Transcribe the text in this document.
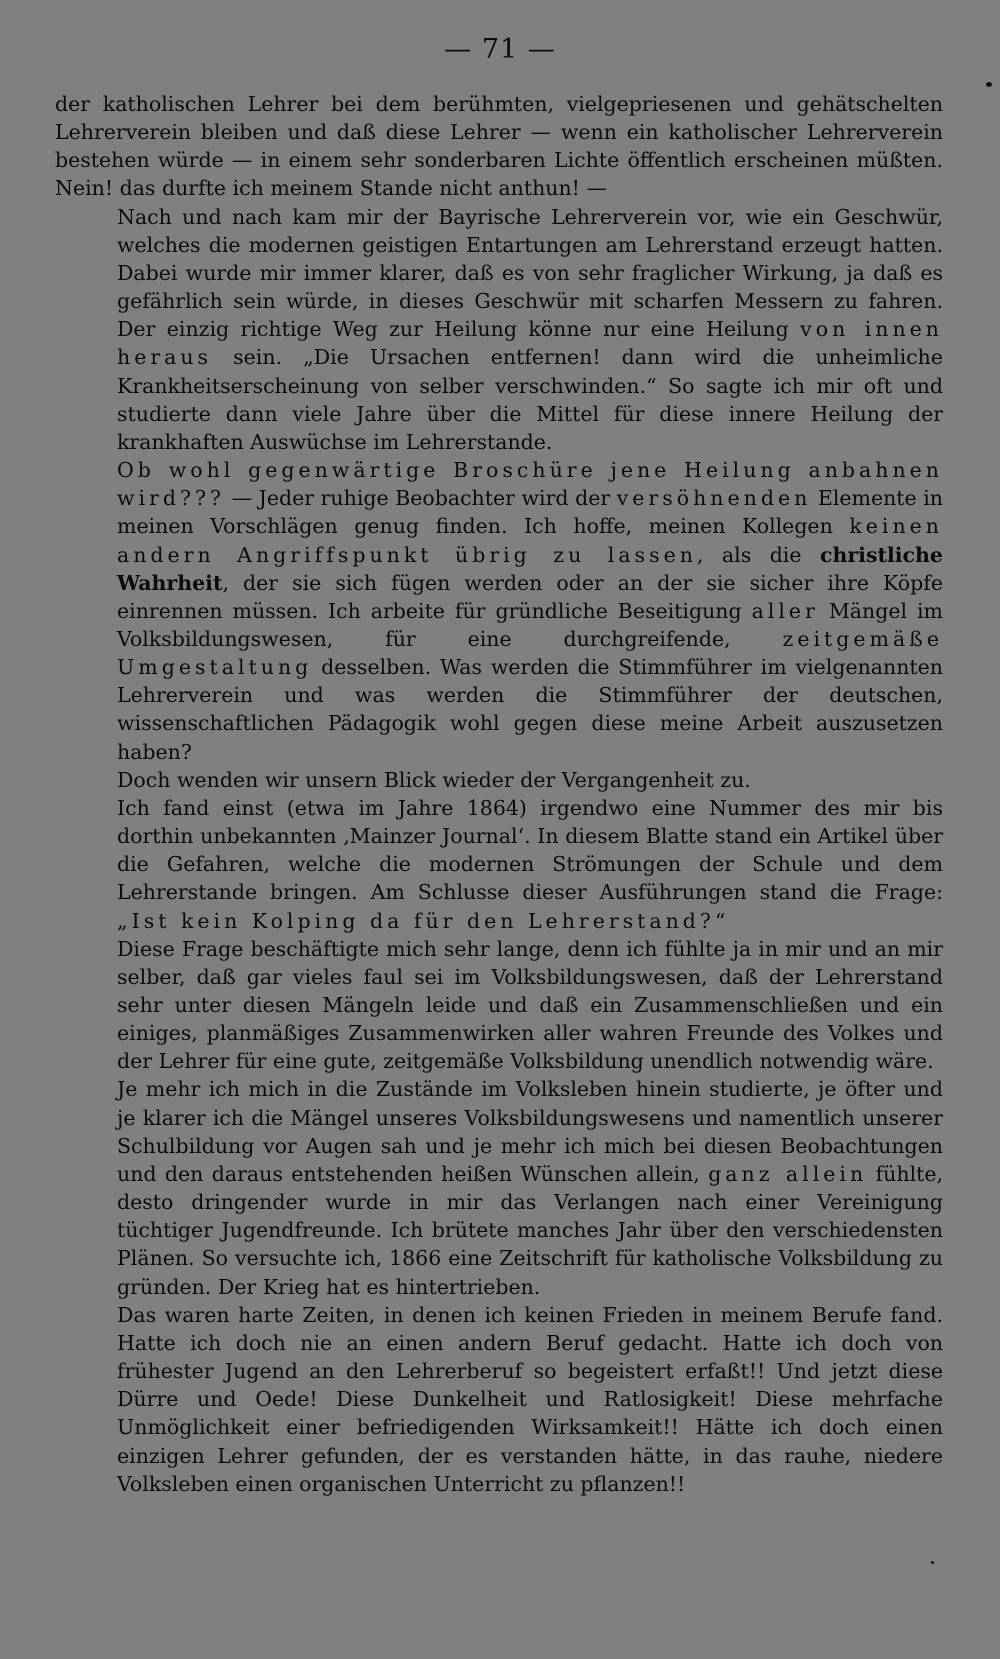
— 71 —

der katholischen Lehrer bei dem berühmten, vielgepriesenen und gehätschelten Lehrerverein bleiben und daß diese Lehrer — wenn ein katholischer Lehrerverein bestehen würde — in einem sehr sonderbaren Lichte öffentlich erscheinen müßten. Nein! das durfte ich meinem Stande nicht anthun! —

Nach und nach kam mir der Bayrische Lehrerverein vor, wie ein Geschwür, welches die modernen geistigen Entartungen am Lehrerstand erzeugt hatten. Dabei wurde mir immer klarer, daß es von sehr fraglicher Wirkung, ja daß es gefährlich sein würde, in dieses Geschwür mit scharfen Messern zu fahren. Der einzig richtige Weg zur Heilung könne nur eine Heilung von innen heraus sein. „Die Ursachen entfernen! dann wird die unheimliche Krankheitserscheinung von selber verschwinden.“ So sagte ich mir oft und studierte dann viele Jahre über die Mittel für diese innere Heilung der krankhaften Auswüchse im Lehrerstande.

Ob wohl gegenwärtige Broschüre jene Heilung anbahnen wird??? — Jeder ruhige Beobachter wird der versöhnenden Elemente in meinen Vorschlägen genug finden. Ich hoffe, meinen Kollegen keinen andern Angriffspunkt übrig zu lassen, als die christliche Wahrheit, der sie sich fügen werden oder an der sie sicher ihre Köpfe einrennen müssen. Ich arbeite für gründliche Beseitigung aller Mängel im Volksbildungswesen, für eine durchgreifende, zeitgemäße Umgestaltung desselben. Was werden die Stimmführer im vielgenannten Lehrerverein und was werden die Stimmführer der deutschen, wissenschaftlichen Pädagogik wohl gegen diese meine Arbeit auszusetzen haben?

Doch wenden wir unsern Blick wieder der Vergangenheit zu.

Ich fand einst (etwa im Jahre 1864) irgendwo eine Nummer des mir bis dorthin unbekannten ‚Mainzer Journal‘. In diesem Blatte stand ein Artikel über die Gefahren, welche die modernen Strömungen der Schule und dem Lehrerstande bringen. Am Schlusse dieser Ausführungen stand die Frage: „Ist kein Kolping da für den Lehrerstand?“

Diese Frage beschäftigte mich sehr lange, denn ich fühlte ja in mir und an mir selber, daß gar vieles faul sei im Volksbildungswesen, daß der Lehrerstand sehr unter diesen Mängeln leide und daß ein Zusammenschließen und ein einiges, planmäßiges Zusammenwirken aller wahren Freunde des Volkes und der Lehrer für eine gute, zeitgemäße Volksbildung unendlich notwendig wäre.

Je mehr ich mich in die Zustände im Volksleben hinein studierte, je öfter und je klarer ich die Mängel unseres Volksbildungswesens und namentlich unserer Schulbildung vor Augen sah und je mehr ich mich bei diesen Beobachtungen und den daraus entstehenden heißen Wünschen allein, ganz allein fühlte, desto dringender wurde in mir das Verlangen nach einer Vereinigung tüchtiger Jugendfreunde. Ich brütete manches Jahr über den verschiedensten Plänen. So versuchte ich, 1866 eine Zeitschrift für katholische Volksbildung zu gründen. Der Krieg hat es hintertrieben.

Das waren harte Zeiten, in denen ich keinen Frieden in meinem Berufe fand. Hatte ich doch nie an einen andern Beruf gedacht. Hatte ich doch von frühester Jugend an den Lehrerberuf so begeistert erfaßt!! Und jetzt diese Dürre und Oede! Diese Dunkelheit und Ratlosigkeit! Diese mehrfache Unmöglichkeit einer befriedigenden Wirksamkeit!! Hätte ich doch einen einzigen Lehrer gefunden, der es verstanden hätte, in das rauhe, niedere Volksleben einen organischen Unterricht zu pflanzen!!
